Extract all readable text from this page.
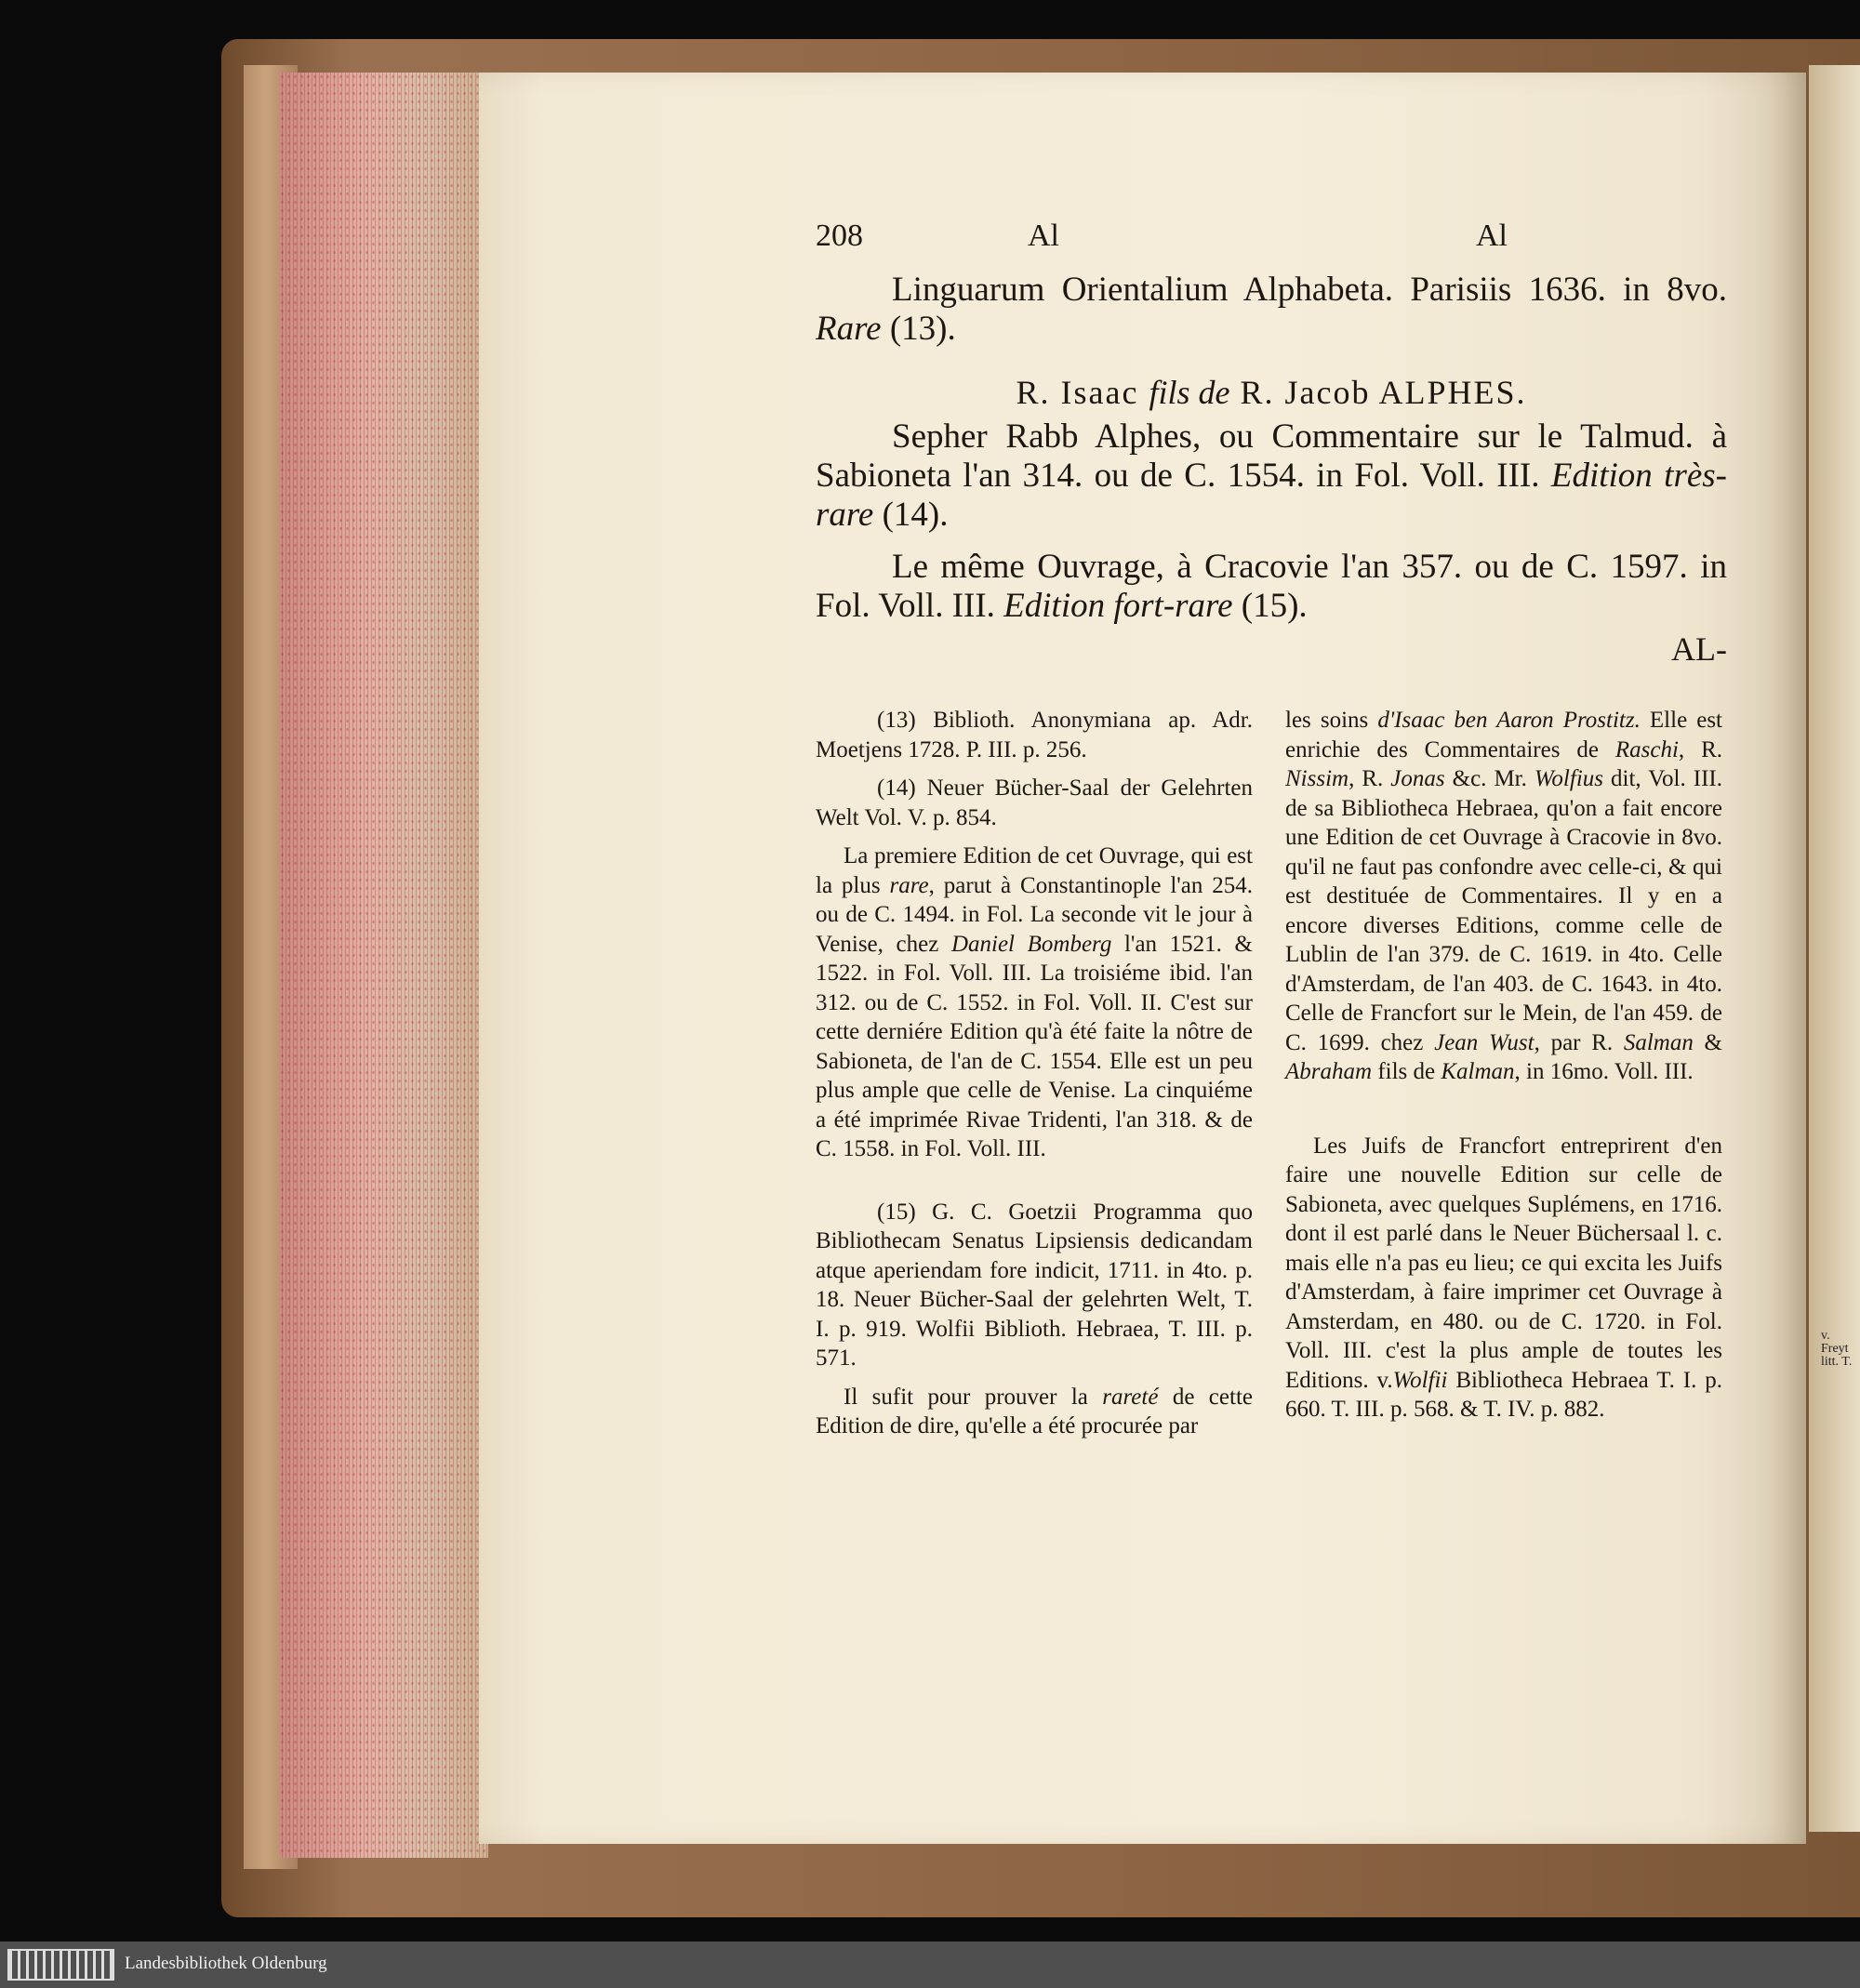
v. Freyt
litt. T.
208	Al	Al

Linguarum Orientalium Alphabeta. Parisiis 1636. in 8vo. Rare (13).

R. Isaac fils de R. Jacob ALPHES.

Sepher Rabb Alphes, ou Commentaire sur le Talmud. à Sabioneta l'an 314. ou de C. 1554. in Fol. Voll. III. Edition très-rare (14).

Le même Ouvrage, à Cracovie l'an 357. ou de C. 1597. in Fol. Voll. III. Edition fort-rare (15).

AL-

(13) Biblioth. Anonymiana ap. Adr. Moetjens 1728. P. III. p. 256.

(14) Neuer Bücher-Saal der Gelehrten Welt Vol. V. p. 854.

La premiere Edition de cet Ouvrage, qui est la plus rare, parut à Constantinople l'an 254. ou de C. 1494. in Fol. La seconde vit le jour à Venise, chez Daniel Bomberg l'an 1521. & 1522. in Fol. Voll. III. La troisiéme ibid. l'an 312. ou de C. 1552. in Fol. Voll. II. C'est sur cette derniére Edition qu'à été faite la nôtre de Sabioneta, de l'an de C. 1554. Elle est un peu plus ample que celle de Venise. La cinquiéme a été imprimée Rivae Tridenti, l'an 318. & de C. 1558. in Fol. Voll. III.

(15) G. C. Goetzii Programma quo Bibliothecam Senatus Lipsiensis dedicandam atque aperiendam fore indicit, 1711. in 4to. p. 18. Neuer Bücher-Saal der gelehrten Welt, T. I. p. 919. Wolfii Biblioth. Hebraea, T. III. p. 571.

Il sufit pour prouver la rareté de cette Edition de dire, qu'elle a été procurée par

les soins d'Isaac ben Aaron Prostitz. Elle est enrichie des Commentaires de Raschi, R. Nissim, R. Jonas &c. Mr. Wolfius dit, Vol. III. de sa Bibliotheca Hebraea, qu'on a fait encore une Edition de cet Ouvrage à Cracovie in 8vo. qu'il ne faut pas confondre avec celle-ci, & qui est destituée de Commentaires. Il y en a encore diverses Editions, comme celle de Lublin de l'an 379. de C. 1619. in 4to. Celle d'Amsterdam, de l'an 403. de C. 1643. in 4to. Celle de Francfort sur le Mein, de l'an 459. de C. 1699. chez Jean Wust, par R. Salman & Abraham fils de Kalman, in 16mo. Voll. III.

Les Juifs de Francfort entreprirent d'en faire une nouvelle Edition sur celle de Sabioneta, avec quelques Suplémens, en 1716. dont il est parlé dans le Neuer Büchersaal l. c. mais elle n'a pas eu lieu; ce qui excita les Juifs d'Amsterdam, à faire imprimer cet Ouvrage à Amsterdam, en 480. ou de C. 1720. in Fol. Voll. III. c'est la plus ample de toutes les Editions. v.Wolfii Bibliotheca Hebraea T. I. p. 660. T. III. p. 568. & T. IV. p. 882.

Landesbibliothek Oldenburg
